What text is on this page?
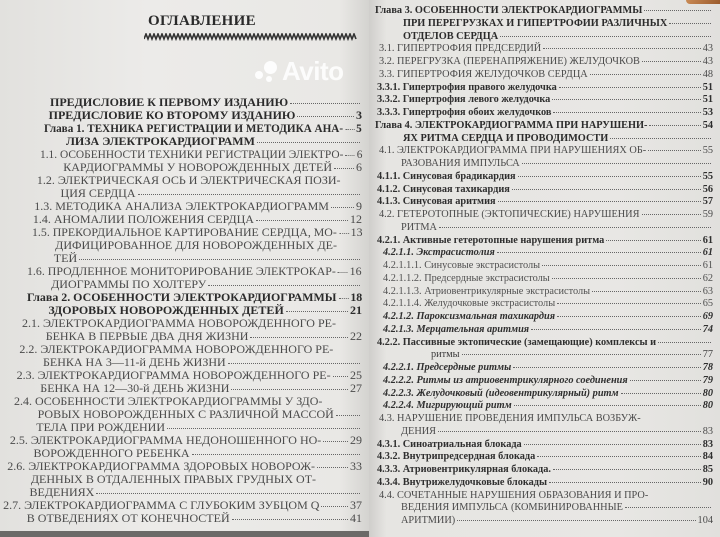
ОГЛАВЛЕНИЕ
ПРЕДИСЛОВИЕ К ПЕРВОМУ ИЗДАНИЮ
ПРЕДИСЛОВИЕ КО ВТОРОМУ ИЗДАНИЮ	3
Глава 1. ТЕХНИКА РЕГИСТРАЦИИ И МЕТОДИКА АНА- 5
ЛИЗА ЭЛЕКТРОКАРДИОГРАММ
1.1. ОСОБЕННОСТИ ТЕХНИКИ РЕГИСТРАЦИИ ЭЛЕКТРО- 6
КАРДИОГРАММЫ У НОВОРОЖДЕННЫХ ДЕТЕЙ 6
1.2. ЭЛЕКТРИЧЕСКАЯ ОСЬ И ЭЛЕКТРИЧЕСКАЯ ПОЗИ-
ЦИЯ СЕРДЦА
1.3. МЕТОДИКА АНАЛИЗА ЭЛЕКТРОКАРДИОГРАММ 9
1.4. АНОМАЛИИ ПОЛОЖЕНИЯ СЕРДЦА	12
1.5. ПРЕКОРДИАЛЬНОЕ КАРТИРОВАНИЕ СЕРДЦА, МО- 13
ДИФИЦИРОВАННОЕ ДЛЯ НОВОРОЖДЕННЫХ ДЕ-
ТЕЙ
1.6. ПРОДЛЕННОЕ МОНИТОРИРОВАНИЕ ЭЛЕКТРОКАР- 16
ДИОГРАММЫ ПО ХОЛТЕРУ
Глава 2. ОСОБЕННОСТИ ЭЛЕКТРОКАРДИОГРАММЫ 18
ЗДОРОВЫХ НОВОРОЖДЕННЫХ ДЕТЕЙ	21
2.1. ЭЛЕКТРОКАРДИОГРАММА НОВОРОЖДЕННОГО РЕ-
БЕНКА В ПЕРВЫЕ ДВА ДНЯ ЖИЗНИ	22
2.2. ЭЛЕКТРОКАРДИОГРАММА НОВОРОЖДЕННОГО РЕ-
БЕНКА НА 3—11-й ДЕНЬ ЖИЗНИ
2.3. ЭЛЕКТРОКАРДИОГРАММА НОВОРОЖДЕННОГО РЕ- 25
БЕНКА НА 12—30-й ДЕНЬ ЖИЗНИ	27
2.4. ОСОБЕННОСТИ ЭЛЕКТРОКАРДИОГРАММЫ У ЗДО-
РОВЫХ НОВОРОЖДЕННЫХ С РАЗЛИЧНОЙ МАССОЙ
ТЕЛА ПРИ РОЖДЕНИИ
2.5. ЭЛЕКТРОКАРДИОГРАММА НЕДОНОШЕННОГО НО- 29
ВОРОЖДЕННОГО РЕБЕНКА
2.6. ЭЛЕКТРОКАРДИОГРАММА ЗДОРОВЫХ НОВОРОЖ-	33
ДЕННЫХ В ОТДАЛЕННЫХ ПРАВЫХ ГРУДНЫХ ОТ-
ВЕДЕНИЯХ
2.7. ЭЛЕКТРОКАРДИОГРАММА С ГЛУБОКИМ ЗУБЦОМ Q	37
В ОТВЕДЕНИЯХ ОТ КОНЕЧНОСТЕЙ	41
Avito
Глава 3. ОСОБЕННОСТИ ЭЛЕКТРОКАРДИОГРАММЫ
ПРИ ПЕРЕГРУЗКАХ И ГИПЕРТРОФИИ РАЗЛИЧНЫХ
ОТДЕЛОВ СЕРДЦА
3.1. ГИПЕРТРОФИЯ ПРЕДСЕРДИЙ	43
3.2. ПЕРЕГРУЗКА (ПЕРЕНАПРЯЖЕНИЕ) ЖЕЛУДОЧКОВ	43
3.3. ГИПЕРТРОФИЯ ЖЕЛУДОЧКОВ СЕРДЦА	48
3.3.1. Гипертрофия правого желудочка	51
3.3.2. Гипертрофия левого желудочка	51
3.3.3. Гипертрофия обоих желудочков	53
Глава 4. ЭЛЕКТРОКАРДИОГРАММА ПРИ НАРУШЕНИ-	54
ЯХ РИТМА СЕРДЦА И ПРОВОДИМОСТИ
4.1. ЭЛЕКТРОКАРДИОГРАММА ПРИ НАРУШЕНИЯХ ОБ-	55
РАЗОВАНИЯ ИМПУЛЬСА
4.1.1. Синусовая брадикардия	55
4.1.2. Синусовая тахикардия	56
4.1.3. Синусовая аритмия	57
4.2. ГЕТЕРОТОПНЫЕ (ЭКТОПИЧЕСКИЕ) НАРУШЕНИЯ	59
РИТМА
4.2.1. Активные гетеротопные нарушения ритма	61
4.2.1.1. Экстрасистолия	61
4.2.1.1.1. Синусовые экстрасистолы	61
4.2.1.1.2. Предсердные экстрасистолы	62
4.2.1.1.3. Атриовентрикулярные экстрасистолы	63
4.2.1.1.4. Желудочковые экстрасистолы	65
4.2.1.2. Пароксизмальная тахикардия	69
4.2.1.3. Мерцательная аритмия	74
4.2.2. Пассивные эктопические (замещающие) комплексы и
ритмы	77
4.2.2.1. Предсердные ритмы	78
4.2.2.2. Ритмы из атриовентрикулярного соединения	79
4.2.2.3. Желудочковый (идеовентрикулярный) ритм	80
4.2.2.4. Мигрирующий ритм	80
4.3. НАРУШЕНИЕ ПРОВЕДЕНИЯ ИМПУЛЬСА ВОЗБУЖ-
ДЕНИЯ	83
4.3.1. Синоатриальная блокада	83
4.3.2. Внутрипредсердная блокада	84
4.3.3. Атриовентрикулярная блокада.	85
4.3.4. Внутрижелудочковые блокады	90
4.4. СОЧЕТАННЫЕ НАРУШЕНИЯ ОБРАЗОВАНИЯ И ПРО-
ВЕДЕНИЯ ИМПУЛЬСА (КОМБИНИРОВАННЫЕ
АРИТМИИ)	104
